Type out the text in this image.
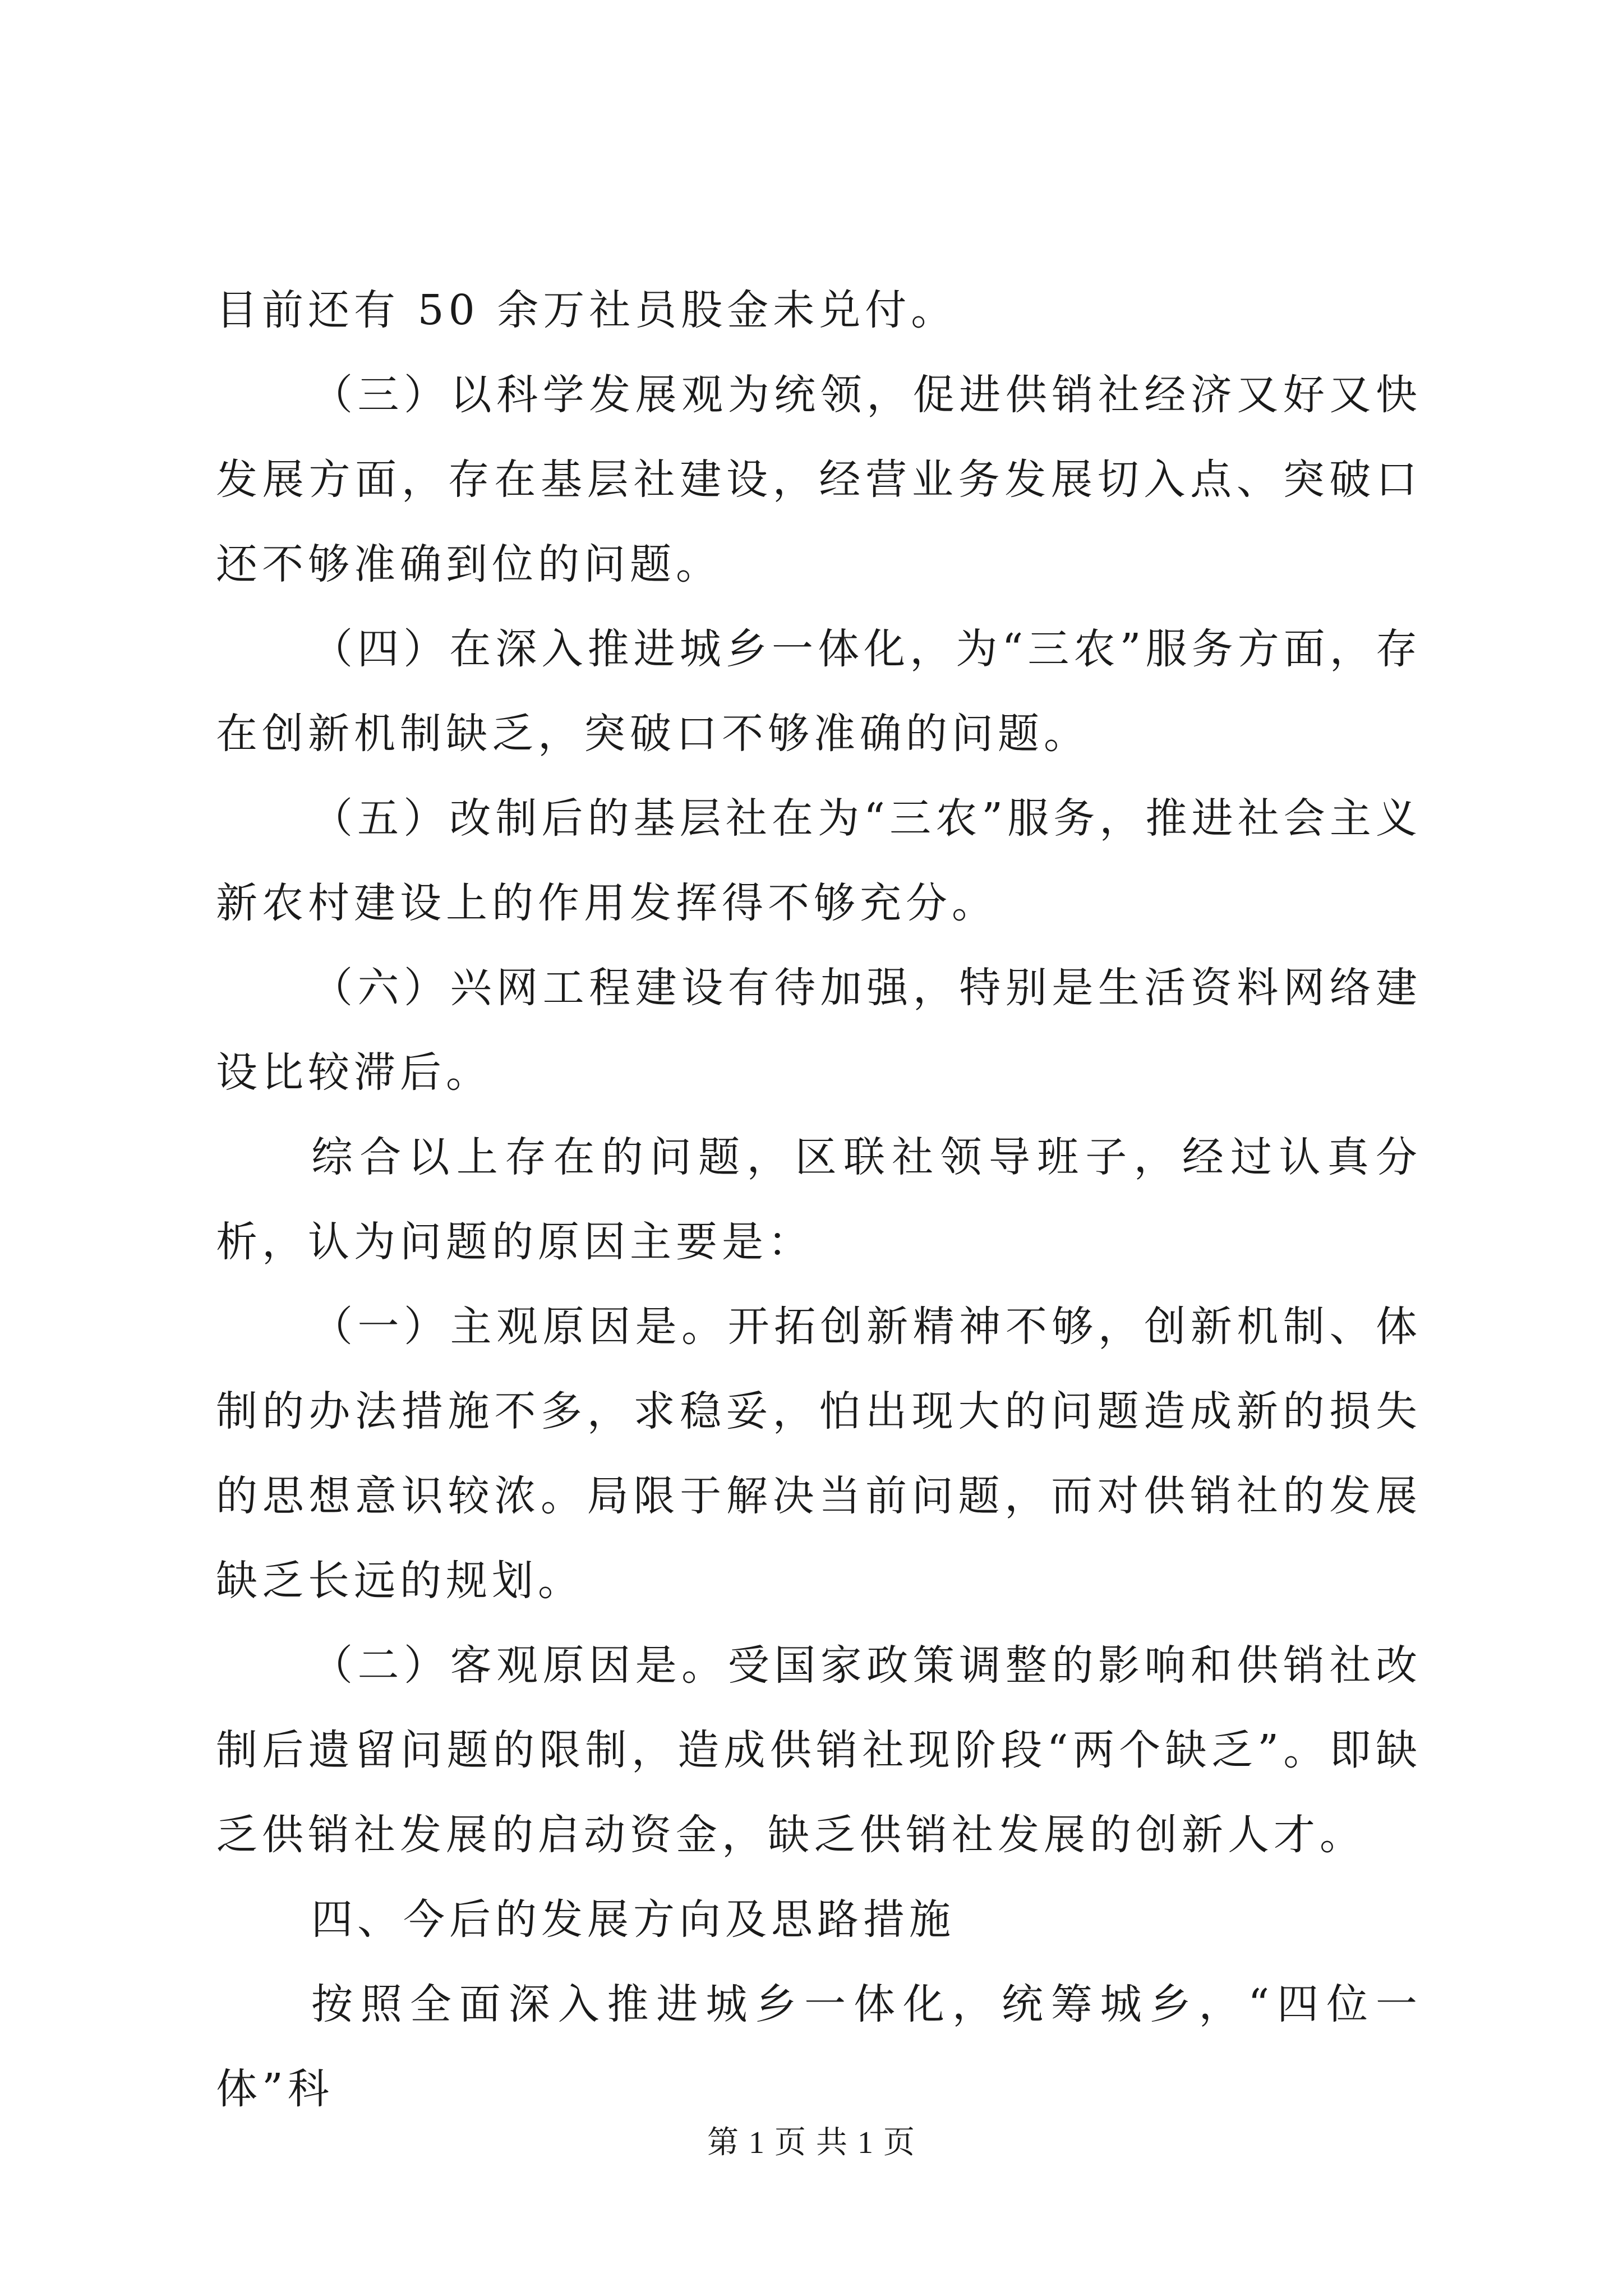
目前还有 50 余万社员股金未兑付。

（三）以科学发展观为统领，促进供销社经济又好又快发展方面，存在基层社建设，经营业务发展切入点、突破口还不够准确到位的问题。

（四）在深入推进城乡一体化，为“三农”服务方面，存在创新机制缺乏，突破口不够准确的问题。

（五）改制后的基层社在为“三农”服务，推进社会主义新农村建设上的作用发挥得不够充分。

（六）兴网工程建设有待加强，特别是生活资料网络建设比较滞后。

综合以上存在的问题，区联社领导班子，经过认真分析，认为问题的原因主要是：

（一）主观原因是。开拓创新精神不够，创新机制、体制的办法措施不多，求稳妥，怕出现大的问题造成新的损失的思想意识较浓。局限于解决当前问题，而对供销社的发展缺乏长远的规划。

（二）客观原因是。受国家政策调整的影响和供销社改制后遗留问题的限制，造成供销社现阶段“两个缺乏”。即缺乏供销社发展的启动资金，缺乏供销社发展的创新人才。

四、今后的发展方向及思路措施

按照全面深入推进城乡一体化，统筹城乡，“四位一体”科

第 1 页 共 1 页
